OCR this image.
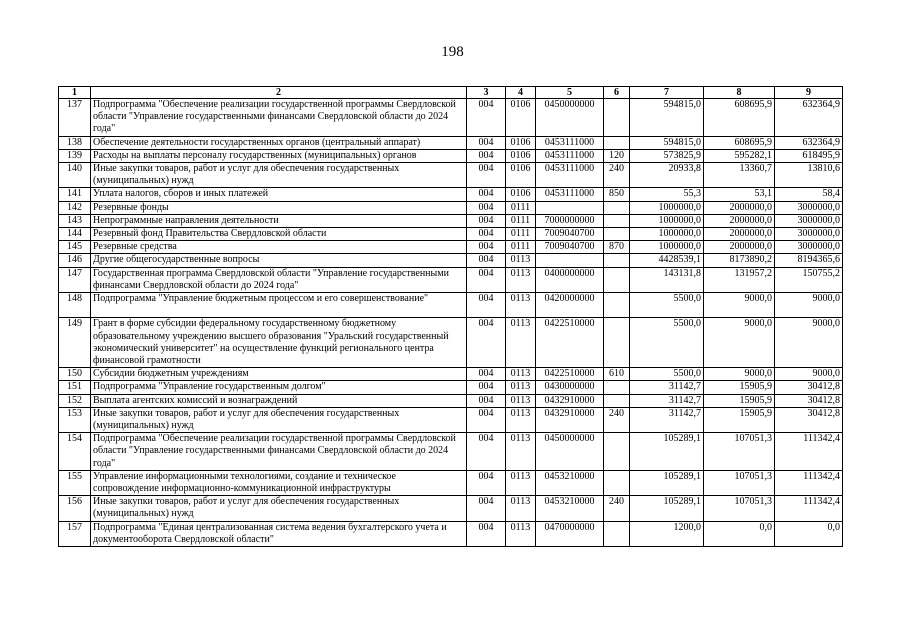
198
1	2	3	4	5	6	7	8	9
137	Подпрограмма "Обеспечение реализации государственной программы Свердловской области "Управление государственными финансами Свердловской области до 2024 года"	004	0106	0450000000		594815,0	608695,9	632364,9
138	Обеспечение деятельности государственных органов (центральный аппарат)	004	0106	0453111000		594815,0	608695,9	632364,9
139	Расходы на выплаты персоналу государственных (муниципальных) органов	004	0106	0453111000	120	573825,9	595282,1	618495,9
140	Иные закупки товаров, работ и услуг для обеспечения государственных (муниципальных) нужд	004	0106	0453111000	240	20933,8	13360,7	13810,6
141	Уплата налогов, сборов и иных платежей	004	0106	0453111000	850	55,3	53,1	58,4
142	Резервные фонды	004	0111			1000000,0	2000000,0	3000000,0
143	Непрограммные направления деятельности	004	0111	7000000000		1000000,0	2000000,0	3000000,0
144	Резервный фонд Правительства Свердловской области	004	0111	7009040700		1000000,0	2000000,0	3000000,0
145	Резервные средства	004	0111	7009040700	870	1000000,0	2000000,0	3000000,0
146	Другие общегосударственные вопросы	004	0113			4428539,1	8173890,2	8194365,6
147	Государственная программа Свердловской области "Управление государственными финансами Свердловской области до 2024 года"	004	0113	0400000000		143131,8	131957,2	150755,2
148	Подпрограмма "Управление бюджетным процессом и его совершенствование"	004	0113	0420000000		5500,0	9000,0	9000,0
149	Грант в форме субсидии федеральному государственному бюджетному образовательному учреждению высшего образования "Уральский государственный экономический университет" на осуществление функций регионального центра финансовой грамотности	004	0113	0422510000		5500,0	9000,0	9000,0
150	Субсидии бюджетным учреждениям	004	0113	0422510000	610	5500,0	9000,0	9000,0
151	Подпрограмма "Управление государственным долгом"	004	0113	0430000000		31142,7	15905,9	30412,8
152	Выплата агентских комиссий и вознаграждений	004	0113	0432910000		31142,7	15905,9	30412,8
153	Иные закупки товаров, работ и услуг для обеспечения государственных (муниципальных) нужд	004	0113	0432910000	240	31142,7	15905,9	30412,8
154	Подпрограмма "Обеспечение реализации государственной программы Свердловской области "Управление государственными финансами Свердловской области до 2024 года"	004	0113	0450000000		105289,1	107051,3	111342,4
155	Управление информационными технологиями, создание и техническое сопровождение информационно-коммуникационной инфраструктуры	004	0113	0453210000		105289,1	107051,3	111342,4
156	Иные закупки товаров, работ и услуг для обеспечения государственных (муниципальных) нужд	004	0113	0453210000	240	105289,1	107051,3	111342,4
157	Подпрограмма "Единая централизованная система ведения бухгалтерского учета и документооборота Свердловской области"	004	0113	0470000000		1200,0	0,0	0,0
